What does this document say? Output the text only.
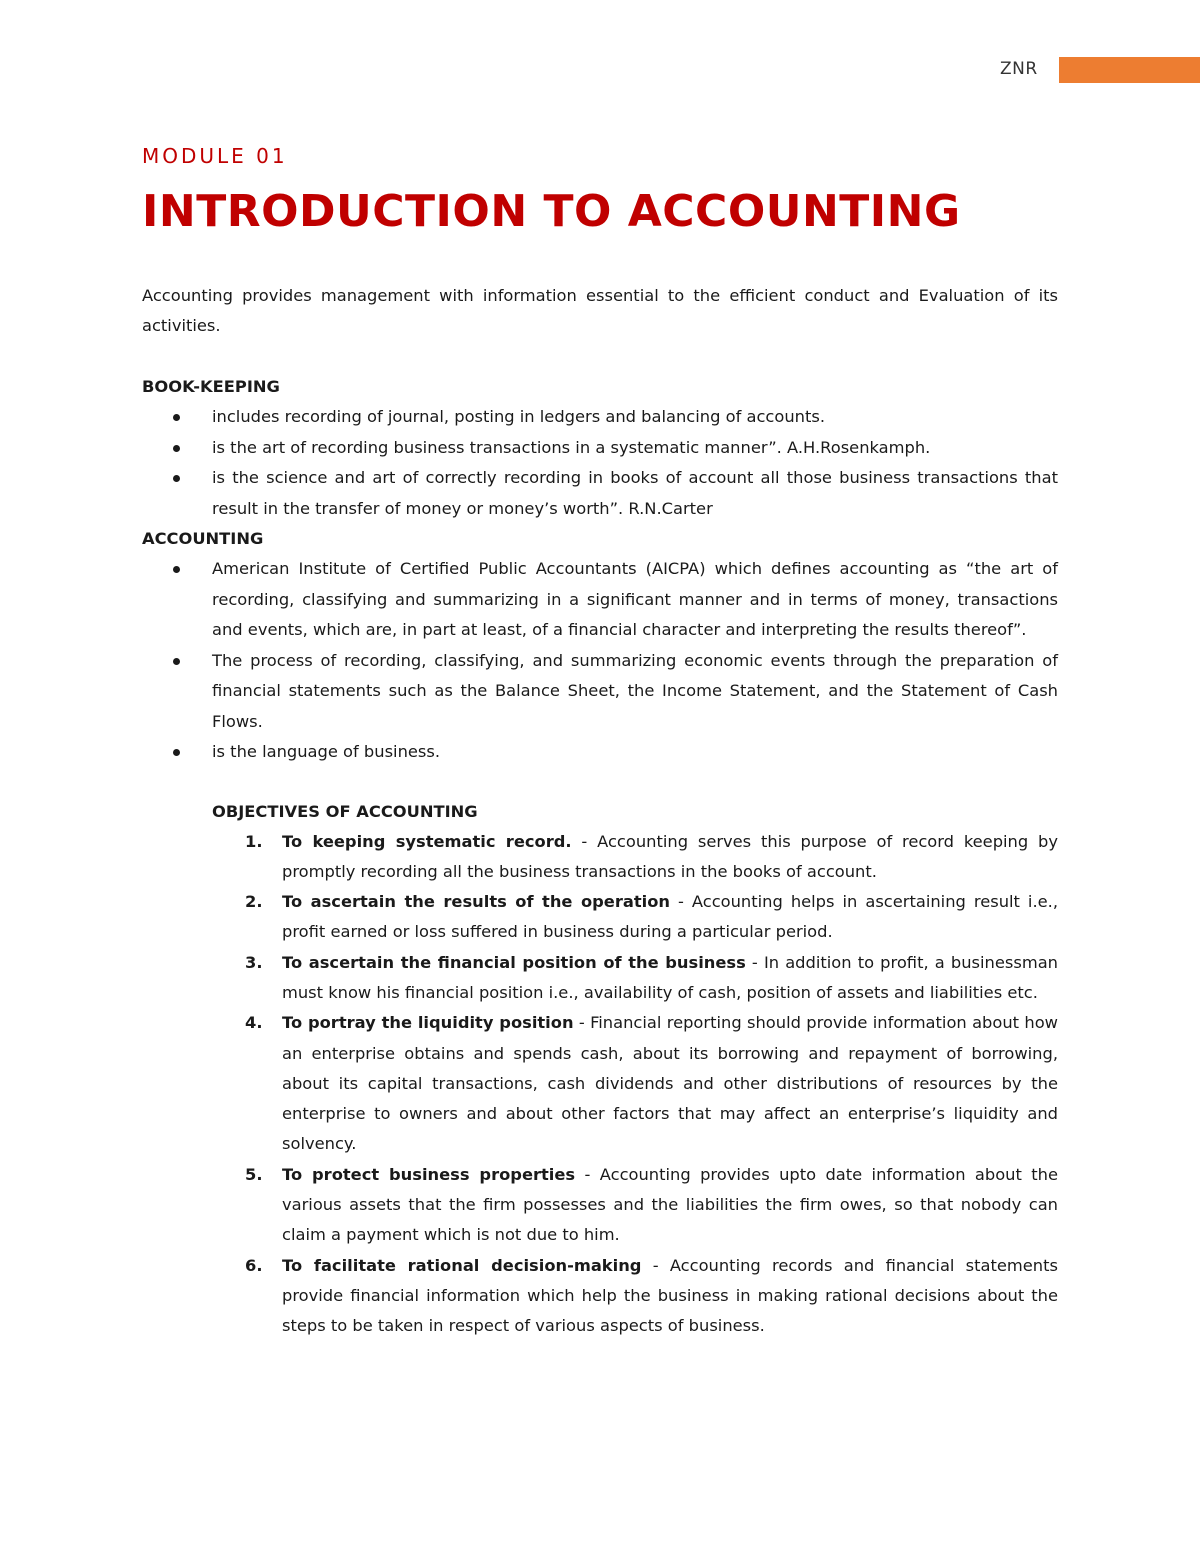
ZNR
MODULE 01
INTRODUCTION TO ACCOUNTING

Accounting provides management with information essential to the efficient conduct and Evaluation of its activities.

BOOK-KEEPING
includes recording of journal, posting in ledgers and balancing of accounts.
is the art of recording business transactions in a systematic manner”. A.H.Rosenkamph.
is the science and art of correctly recording in books of account all those business transactions that result in the transfer of money or money’s worth”. R.N.Carter
ACCOUNTING
American Institute of Certified Public Accountants (AICPA) which defines accounting as “the art of recording, classifying and summarizing in a significant manner and in terms of money, transactions and events, which are, in part at least, of a financial character and interpreting the results thereof”.
The process of recording, classifying, and summarizing economic events through the preparation of financial statements such as the Balance Sheet, the Income Statement, and the Statement of Cash Flows.
is the language of business.
OBJECTIVES OF ACCOUNTING
1. To keeping systematic record. - Accounting serves this purpose of record keeping by promptly recording all the business transactions in the books of account.
2. To ascertain the results of the operation - Accounting helps in ascertaining result i.e., profit earned or loss suffered in business during a particular period.
3. To ascertain the financial position of the business - In addition to profit, a businessman must know his financial position i.e., availability of cash, position of assets and liabilities etc.
4. To portray the liquidity position - Financial reporting should provide information about how an enterprise obtains and spends cash, about its borrowing and repayment of borrowing, about its capital transactions, cash dividends and other distributions of resources by the enterprise to owners and about other factors that may affect an enterprise’s liquidity and solvency.
5. To protect business properties - Accounting provides upto date information about the various assets that the firm possesses and the liabilities the firm owes, so that nobody can claim a payment which is not due to him.
6. To facilitate rational decision-making - Accounting records and financial statements provide financial information which help the business in making rational decisions about the steps to be taken in respect of various aspects of business.
